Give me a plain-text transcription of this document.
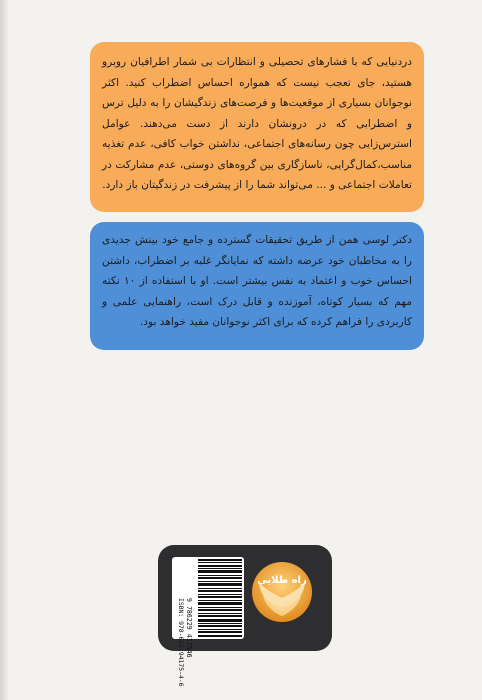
دردنیایی که با فشارهای تحصیلی و انتظارات بی شمار اطرافیان روبرو هستید، جای تعجب نیست که همواره احساس اضطراب کنید. اکثر نوجوانان بسیاری از موقعیت‌ها و فرصت‌های زندگیشان را به دلیل ترس و اضطرابی که در درونشان دارند از دست می‌دهند. عوامل استرس‌زایی چون رسانه‌های اجتماعی، نداشتن خواب کافی، عدم تغذیه مناسب،کمال‌گرایی، ناسازگاری بین گروه‌های دوستی، عدم مشارکت در تعاملات اجتماعی و ... می‌تواند شما را از پیشرفت در زندگیتان باز دارد.

دکتر لوسی همن از طریق تحقیقات گسترده و جامع خود بینش جدیدی را به مخاطبان خود عرضه داشته که نمایانگر غلبه بر اضطراب، داشتن احساس خوب و اعتماد به نفس بیشتر است. او با استفاده از ۱۰ نکته مهم که بسیار کوتاه، آموزنده و قابل درک است، راهنمایی علمی و کاربردی را فراهم کرده که برای اکثر نوجوانان مفید خواهد بود.

ISBN: 978-622-94175-4-6 9 786229 417546
راه طلایی
